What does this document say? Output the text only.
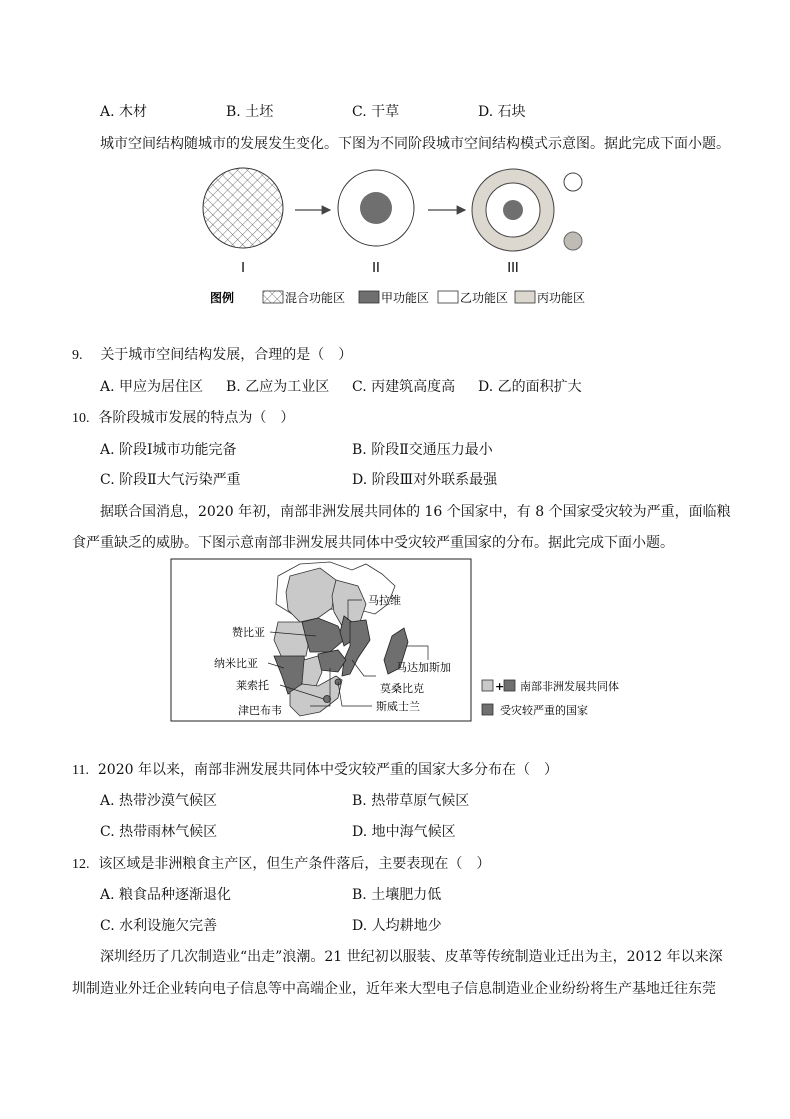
A. 木材	B. 土坯	C. 干草	D. 石块
城市空间结构随城市的发展发生变化。下图为不同阶段城市空间结构模式示意图。据此完成下面小题。
I	II	III
图例	混合功能区	甲功能区	乙功能区 丙功能区
9. 关于城市空间结构发展，合理的是（　）
A. 甲应为居住区 B. 乙应为工业区 C. 丙建筑高度高 D. 乙的面积扩大
10. 各阶段城市发展的特点为（　）
A. 阶段Ⅰ城市功能完备	B. 阶段Ⅱ交通压力最小
C. 阶段Ⅱ大气污染严重	D. 阶段Ⅲ对外联系最强
据联合国消息，2020 年初，南部非洲发展共同体的 16 个国家中，有 8 个国家受灾较为严重，面临粮
食严重缺乏的威胁。下图示意南部非洲发展共同体中受灾较严重国家的分布。据此完成下面小题。
马拉维
赞比亚
纳米比亚	马达加斯加
莱索托	莫桑比克
斯威士兰
津巴布韦
+ 南部非洲发展共同体
受灾较严重的国家
11. 2020 年以来，南部非洲发展共同体中受灾较严重的国家大多分布在（　）
A. 热带沙漠气候区	B. 热带草原气候区
C. 热带雨林气候区	D. 地中海气候区
12. 该区域是非洲粮食主产区，但生产条件落后，主要表现在（　）
A. 粮食品种逐渐退化	B. 土壤肥力低
C. 水利设施欠完善	D. 人均耕地少
深圳经历了几次制造业“出走”浪潮。21 世纪初以服装、皮革等传统制造业迁出为主，2012 年以来深
圳制造业外迁企业转向电子信息等中高端企业，近年来大型电子信息制造业企业纷纷将生产基地迁往东莞
